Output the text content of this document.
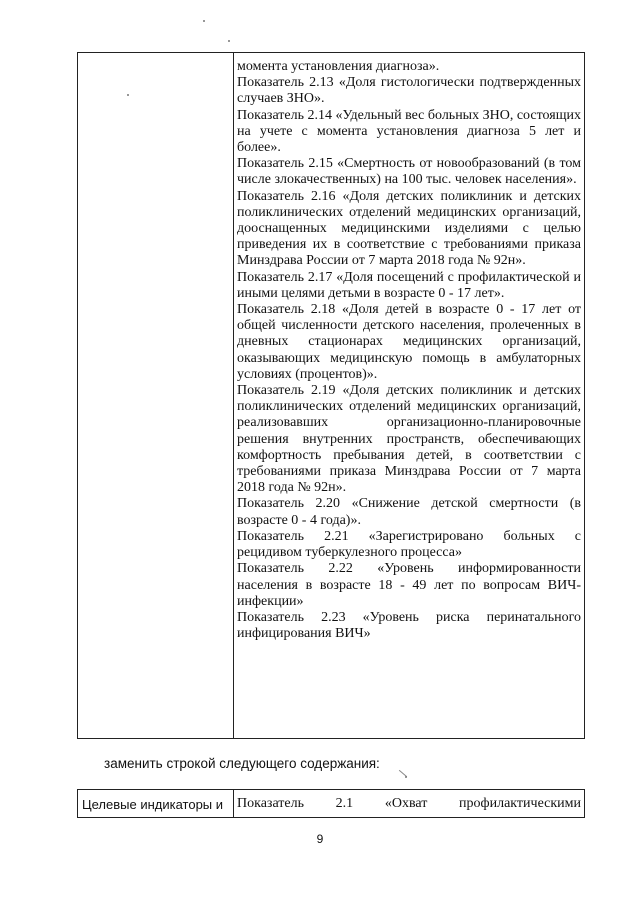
момента установления диагноза».

Показатель 2.13 «Доля гистологически подтвержденных случаев ЗНО».

Показатель 2.14 «Удельный вес больных ЗНО, состоящих на учете с момента установления диагноза 5 лет и более».

Показатель 2.15 «Смертность от новообразований (в том числе злокачественных) на 100 тыс. человек населения».

Показатель 2.16 «Доля детских поликлиник и детских поликлинических отделений медицинских организаций, дооснащенных медицинскими изделиями с целью приведения их в соответствие с требованиями приказа Минздрава России от 7 марта 2018 года № 92н».

Показатель 2.17 «Доля посещений с профилактической и иными целями детьми в возрасте 0 - 17 лет».

Показатель 2.18 «Доля детей в возрасте 0 - 17 лет от общей численности детского населения, пролеченных в дневных стационарах медицинских организаций, оказывающих медицинскую помощь в амбулаторных условиях (процентов)».

Показатель 2.19 «Доля детских поликлиник и детских поликлинических отделений медицинских организаций, реализовавших организационно-планировочные решения внутренних пространств, обеспечивающих комфортность пребывания детей, в соответствии с требованиями приказа Минздрава России от 7 марта 2018 года № 92н».

Показатель 2.20 «Снижение детской смертности (в возрасте 0 - 4 года)».

Показатель 2.21 «Зарегистрировано больных с рецидивом туберкулезного процесса»

Показатель 2.22 «Уровень информированности населения в возрасте 18 - 49 лет по вопросам ВИЧ-инфекции»

Показатель 2.23 «Уровень риска перинатального инфицирования ВИЧ»

заменить строкой следующего содержания:
Целевые индикаторы и Показатель 2.1 «Охват профилактическими
9
